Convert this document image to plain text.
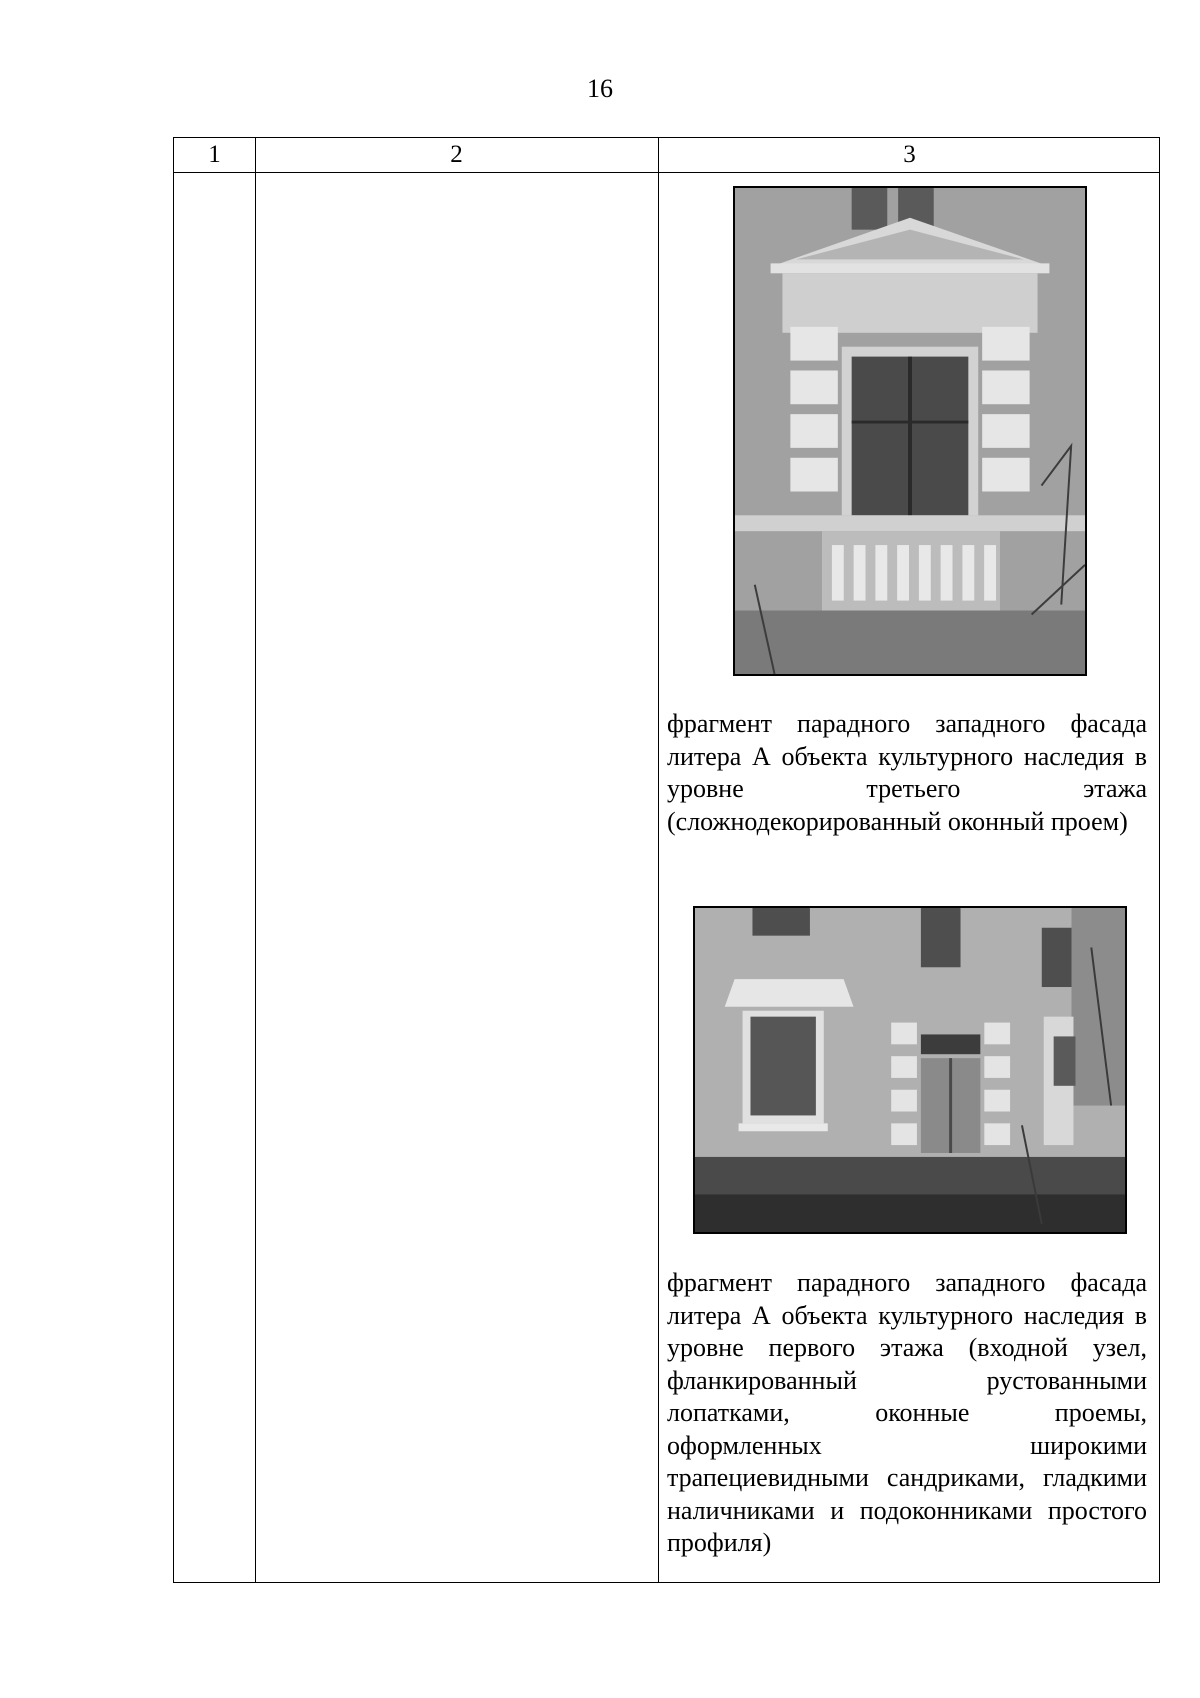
16
1	2	3
фрагмент парадного западного фасада литера А объекта культурного наследия в уровне третьего этажа (сложнодекорированный оконный проем)
фрагмент парадного западного фасада литера А объекта культурного наследия в уровне первого этажа (входной узел, фланкированный рустованными лопатками, оконные проемы, оформленных широкими трапециевидными сандриками, гладкими наличниками и подоконниками простого профиля)
